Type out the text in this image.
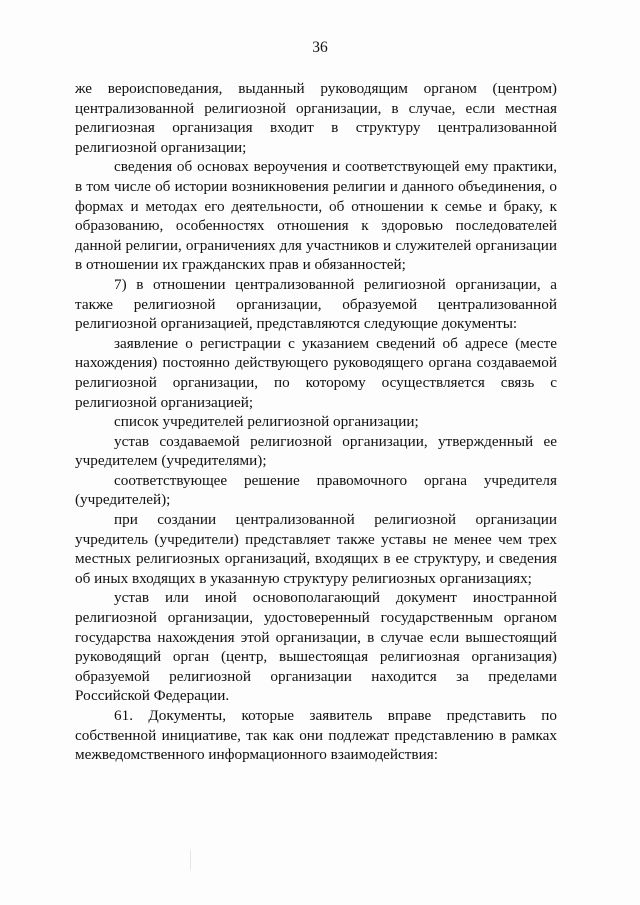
36

же вероисповедания, выданный руководящим органом (центром) централизованной религиозной организации, в случае, если местная религиозная организация входит в структуру централизованной религиозной организации;

сведения об основах вероучения и соответствующей ему практики, в том числе об истории возникновения религии и данного объединения, о формах и методах его деятельности, об отношении к семье и браку, к образованию, особенностях отношения к здоровью последователей данной религии, ограничениях для участников и служителей организации в отношении их гражданских прав и обязанностей;

7) в отношении централизованной религиозной организации, а также религиозной организации, образуемой централизованной религиозной организацией, представляются следующие документы:

заявление о регистрации с указанием сведений об адресе (месте нахождения) постоянно действующего руководящего органа создаваемой религиозной организации, по которому осуществляется связь с религиозной организацией;

список учредителей религиозной организации;

устав создаваемой религиозной организации, утвержденный ее учредителем (учредителями);

соответствующее решение правомочного органа учредителя (учредителей);

при создании централизованной религиозной организации учредитель (учредители) представляет также уставы не менее чем трех местных религиозных организаций, входящих в ее структуру, и сведения об иных входящих в указанную структуру религиозных организациях;

устав или иной основополагающий документ иностранной религиозной организации, удостоверенный государственным органом государства нахождения этой организации, в случае если вышестоящий руководящий орган (центр, вышестоящая религиозная организация) образуемой религиозной организации находится за пределами Российской Федерации.

61. Документы, которые заявитель вправе представить по собственной инициативе, так как они подлежат представлению в рамках межведомственного информационного взаимодействия:
